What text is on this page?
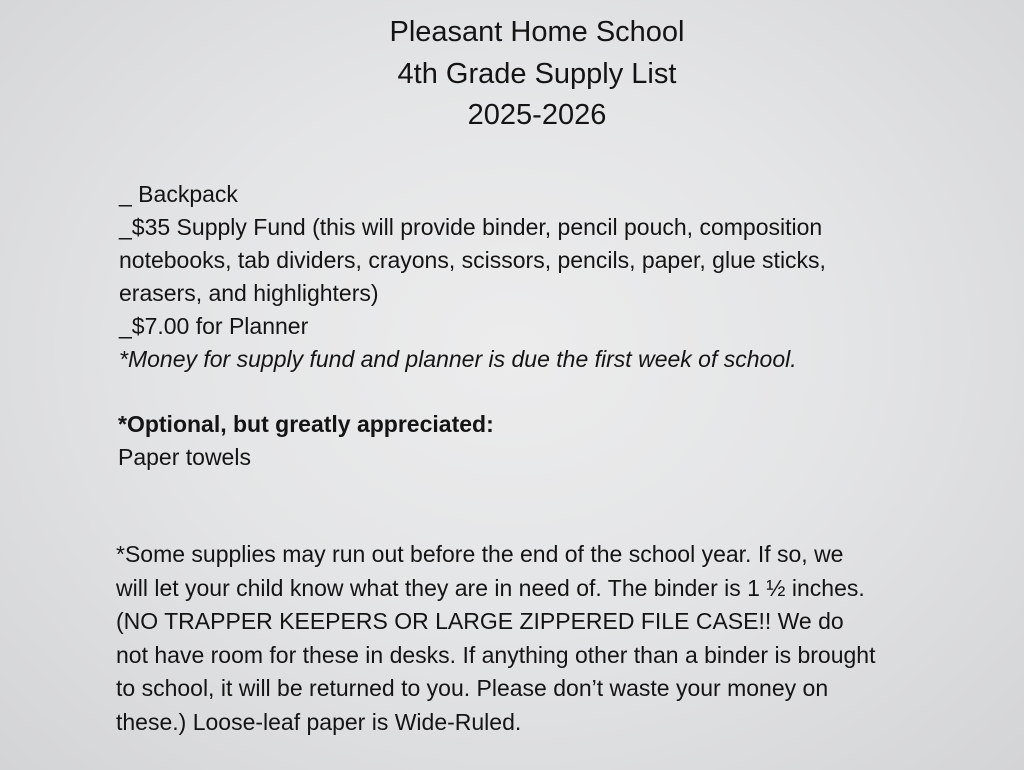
Pleasant Home School
4th Grade Supply List
2025-2026
_ Backpack
_$35 Supply Fund (this will provide binder, pencil pouch, composition
notebooks, tab dividers, crayons, scissors, pencils, paper, glue sticks,
erasers, and highlighters)
_$7.00 for Planner
*Money for supply fund and planner is due the first week of school.
*Optional, but greatly appreciated:
Paper towels
*Some supplies may run out before the end of the school year. If so, we
will let your child know what they are in need of. The binder is 1 ½ inches.
(NO TRAPPER KEEPERS OR LARGE ZIPPERED FILE CASE!! We do
not have room for these in desks. If anything other than a binder is brought
to school, it will be returned to you. Please don’t waste your money on
these.) Loose-leaf paper is Wide-Ruled.
